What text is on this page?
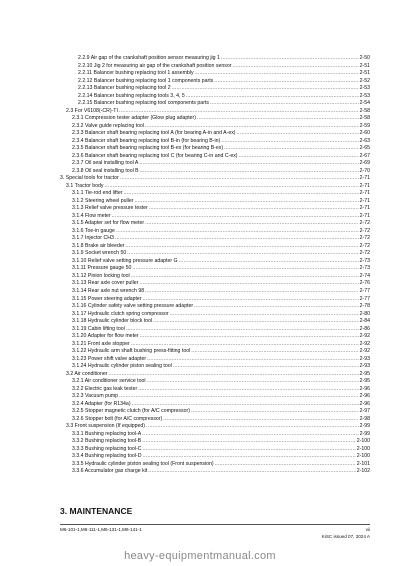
2.2.9 Air gap of the crankshaft position sensor measuring jig 1 .....	2-50
2.2.10 Jig 2 for measuring air gap of the crankshaft position sensor .....	2-51
2.2.11 Balancer bushing replacing tool 1 assembly .....	2-51
2.2.12 Balancer bushing replacing tool 1 components parts .....	2-52
2.2.13 Balancer bushing replacing tool 2 .....	2-53
2.2.14 Balancer bushing replacing tools 3, 4, 5 .....	2-53
2.2.15 Balancer bushing replacing tool components parts .....	2-54
2.3 For V6108(-CR)-TI .....	2-58
2.3.1 Compression tester adapter (Glow plug adapter) .....	2-58
2.3.2 Valve guide replacing tool .....	2-59
2.3.3 Balancer shaft bearing replacing tool A (for bearing A-in and A-ex) .....	2-60
2.3.4 Balancer shaft bearing replacing tool B-in (for bearing B-in) .....	2-63
2.3.5 Balancer shaft bearing replacing tool B-ex (for bearing B-ex) .....	2-65
2.3.6 Balancer shaft bearing replacing tool C (for bearing C-in and C-ex) .....	2-67
2.3.7 Oil seal installing tool A .....	2-69
2.3.8 Oil seal installing tool B .....	2-70
3. Special tools for tractor .....	2-71
3.1 Tractor body .....	2-71
3.1.1 Tie-rod end lifter .....	2-71
3.1.2 Steering wheel puller .....	2-71
3.1.3 Relief valve pressure tester .....	2-71
3.1.4 Flow meter .....	2-71
3.1.5 Adapter set for flow meter .....	2-72
3.1.6 Toe-in gauge .....	2-72
3.1.7 Injector CH3 .....	2-72
3.1.8 Brake air bleeder .....	2-72
3.1.9 Socket wrench 50 .....	2-72
3.1.10 Relief valve setting pressure adapter G .....	2-73
3.1.11 Pressure gauge 50 .....	2-73
3.1.12 Pinion locking tool .....	2-74
3.1.13 Rear axle cover puller .....	2-76
3.1.14 Rear axle nut wrench 98 .....	2-77
3.1.15 Power steering adapter .....	2-77
3.1.16 Cylinder safety valve setting pressure adapter .....	2-78
3.1.17 Hydraulic clutch spring compressor .....	2-80
3.1.18 Hydraulic cylinder block tool .....	2-84
3.1.19 Cabin lifting tool .....	2-86
3.1.20 Adapter for flow meter .....	2-92
3.1.21 Front axle stopper .....	2-92
3.1.22 Hydraulic arm shaft bushing press-fitting tool .....	2-92
3.1.23 Power shift valve adapter .....	2-93
3.1.24 Hydraulic cylinder piston sealing tool .....	2-93
3.2 Air conditioner .....	2-95
3.2.1 Air conditioner service tool .....	2-95
3.2.2 Electric gas leak tester .....	2-96
3.2.3 Vacuum pump .....	2-96
3.2.4 Adapter (for R134a) .....	2-96
3.2.5 Stopper magnetic clutch (for A/C compressor) .....	2-97
3.2.6 Stopper bolt (for A/C compressor) .....	2-98
3.3 Front suspension (If equipped) .....	2-99
3.3.1 Bushing replacing tool-A .....	2-99
3.3.2 Bushing replacing tool-B .....	2-100
3.3.3 Bushing replacing tool-C .....	2-100
3.3.4 Bushing replacing tool-D .....	2-100
3.3.5 Hydraulic cylinder piston sealing tool (Front suspension) .....	2-101
3.3.6 Accumulator gas charge kit .....	2-102
3. MAINTENANCE
M6-101-1,M6-111-1,M6-131-1,M6-141-1	vii
KiSC issued 07, 2024 A
heavy-equipmentmanual.com
